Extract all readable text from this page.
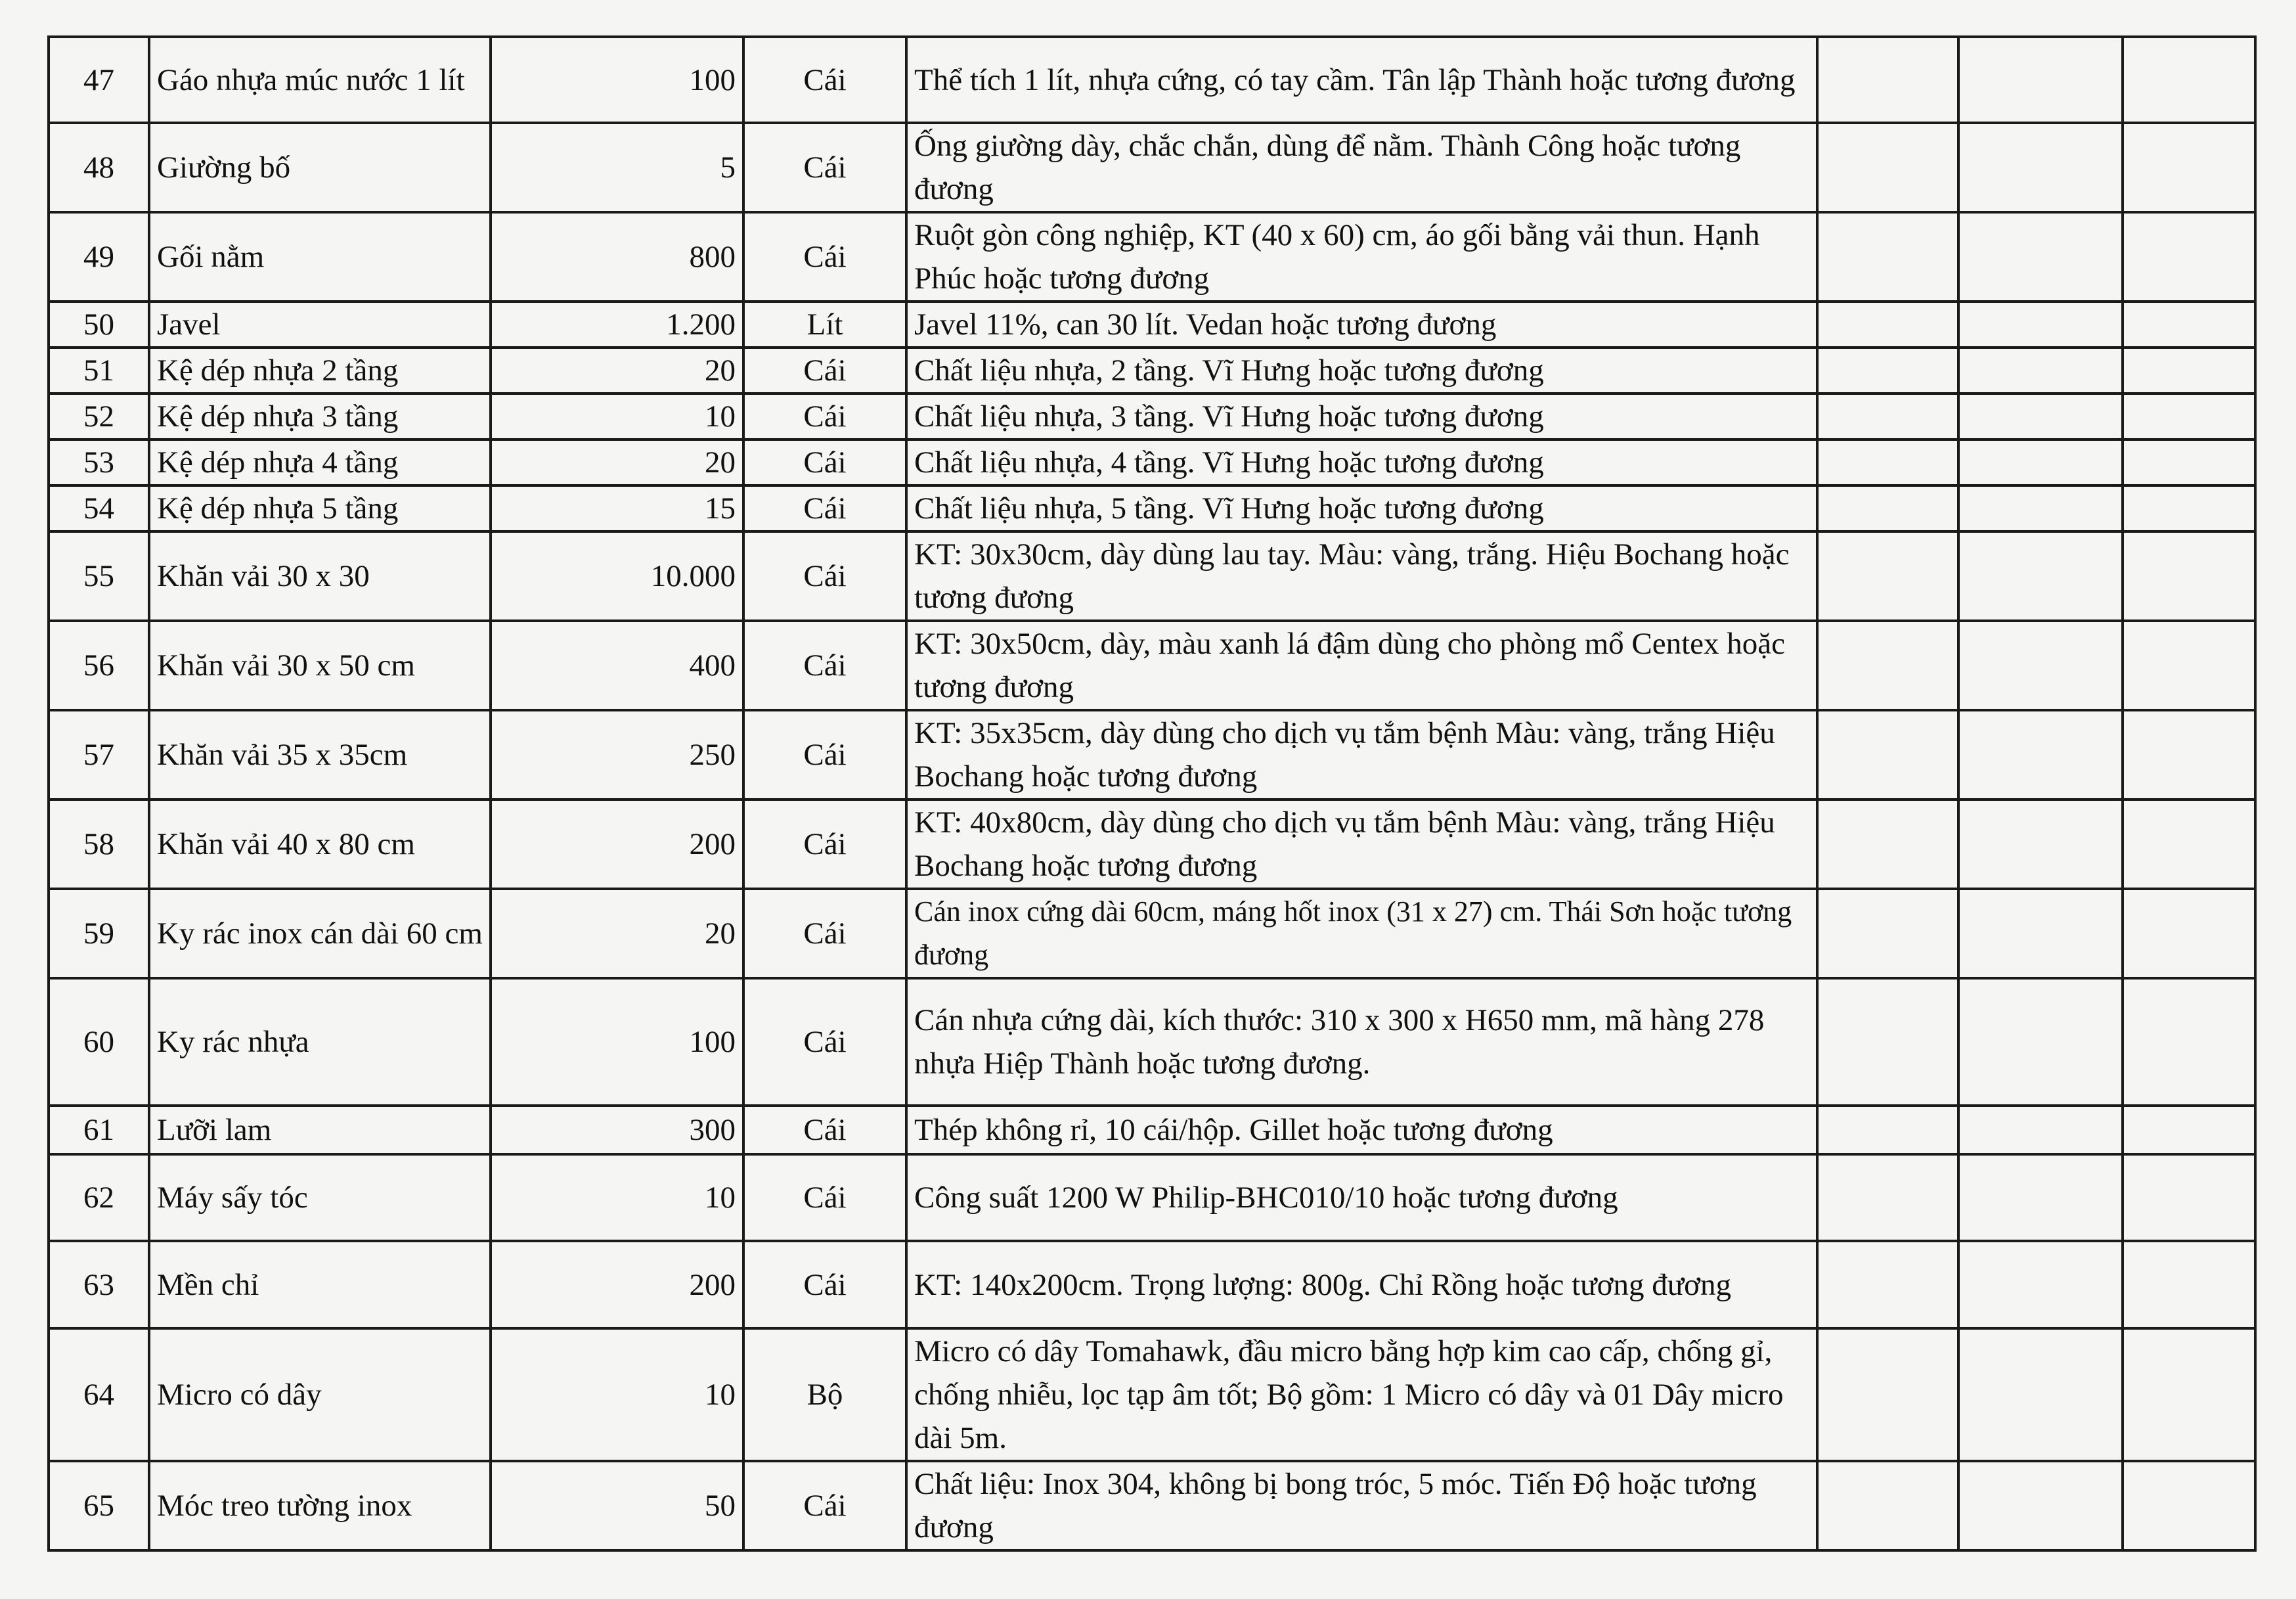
47	Gáo nhựa múc nước 1 lít	100	Cái	Thể tích 1 lít, nhựa cứng, có tay cầm. Tân lập Thành hoặc tương đương			
48	Giường bố	5	Cái	Ống giường dày, chắc chắn, dùng để nằm. Thành Công hoặc tương đương			
49	Gối nằm	800	Cái	Ruột gòn công nghiệp, KT (40 x 60) cm, áo gối bằng vải thun. Hạnh Phúc hoặc tương đương			
50	Javel	1.200	Lít	Javel 11%, can 30 lít. Vedan hoặc tương đương			
51	Kệ dép nhựa 2 tầng	20	Cái	Chất liệu nhựa, 2 tầng. Vĩ Hưng hoặc tương đương			
52	Kệ dép nhựa 3 tầng	10	Cái	Chất liệu nhựa, 3 tầng. Vĩ Hưng hoặc tương đương			
53	Kệ dép nhựa 4 tầng	20	Cái	Chất liệu nhựa, 4 tầng. Vĩ Hưng hoặc tương đương			
54	Kệ dép nhựa 5 tầng	15	Cái	Chất liệu nhựa, 5 tầng. Vĩ Hưng hoặc tương đương			
55	Khăn vải 30 x 30	10.000	Cái	KT: 30x30cm, dày dùng lau tay. Màu: vàng, trắng. Hiệu Bochang hoặc tương đương			
56	Khăn vải 30 x 50 cm	400	Cái	KT: 30x50cm, dày, màu xanh lá đậm dùng cho phòng mổ Centex hoặc tương đương			
57	Khăn vải 35 x 35cm	250	Cái	KT: 35x35cm, dày dùng cho dịch vụ tắm bệnh Màu: vàng, trắng Hiệu Bochang hoặc tương đương			
58	Khăn vải 40 x 80 cm	200	Cái	KT: 40x80cm, dày dùng cho dịch vụ tắm bệnh Màu: vàng, trắng Hiệu Bochang hoặc tương đương			
59	Ky rác inox cán dài 60 cm	20	Cái	Cán inox cứng dài 60cm, máng hốt inox (31 x 27) cm. Thái Sơn hoặc tương đương			
60	Ky rác nhựa	100	Cái	Cán nhựa cứng dài, kích thước: 310 x 300 x H650 mm, mã hàng 278 nhựa Hiệp Thành hoặc tương đương.			
61	Lưỡi lam	300	Cái	Thép không rỉ, 10 cái/hộp. Gillet hoặc tương đương			
62	Máy sấy tóc	10	Cái	Công suất 1200 W Philip-BHC010/10 hoặc tương đương			
63	Mền chỉ	200	Cái	KT: 140x200cm. Trọng lượng: 800g. Chỉ Rồng hoặc tương đương			
64	Micro có dây	10	Bộ	Micro có dây Tomahawk, đầu micro bằng hợp kim cao cấp, chống gỉ, chống nhiễu, lọc tạp âm tốt; Bộ gồm: 1 Micro có dây và 01 Dây micro dài 5m.			
65	Móc treo tường inox	50	Cái	Chất liệu: Inox 304, không bị bong tróc, 5 móc. Tiến Độ hoặc tương đương			
